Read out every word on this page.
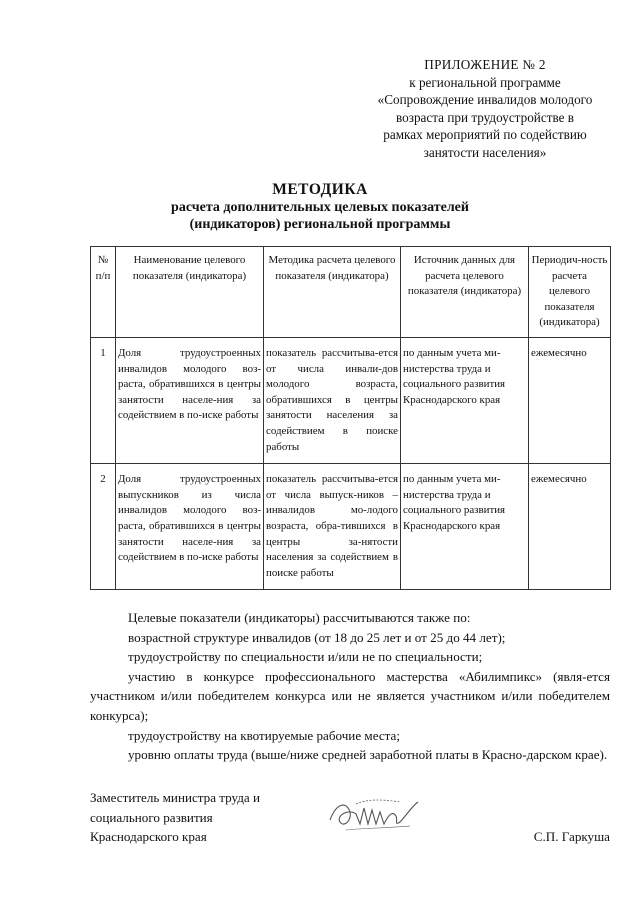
ПРИЛОЖЕНИЕ № 2
к региональной программе
«Сопровождение инвалидов молодого
возраста при трудоустройстве в
рамках мероприятий по содействию
занятости населения»
МЕТОДИКА
расчета дополнительных целевых показателей
(индикаторов) региональной программы
№ п/п	Наименование целевого показателя (индикатора)	Методика расчета целевого показателя (индикатора)	Источник данных для расчета целевого показателя (индикатора)	Периодич-ность расчета целевого показателя (индикатора)
1	Доля трудоустроенных инвалидов молодого воз-раста, обратившихся в центры занятости населе-ния за содействием в по-иске работы	показатель рассчитыва-ется от числа инвали-дов молодого возраста, обратившихся в центры занятости населения за содействием в поиске работы	по данным учета ми-нистерства труда и социального развития Краснодарского края	ежемесячно
2	Доля трудоустроенных выпускников из числа инвалидов молодого воз-раста, обратившихся в центры занятости населе-ния за содействием в по-иске работы	показатель рассчитыва-ется от числа выпуск-ников – инвалидов мо-лодого возраста, обра-тившихся в центры за-нятости населения за содействием в поиске работы	по данным учета ми-нистерства труда и социального развития Краснодарского края	ежемесячно

Целевые показатели (индикаторы) рассчитываются также по:

возрастной структуре инвалидов (от 18 до 25 лет и от 25 до 44 лет);

трудоустройству по специальности и/или не по специальности;

участию в конкурсе профессионального мастерства «Абилимпикс» (явля-ется участником и/или победителем конкурса или не является участником и/или победителем конкурса);

трудоустройству на квотируемые рабочие места;

уровню оплаты труда (выше/ниже средней заработной платы в Красно-дарском крае).

Заместитель министра труда и
социального развития
Краснодарского края	С.П. Гаркуша
